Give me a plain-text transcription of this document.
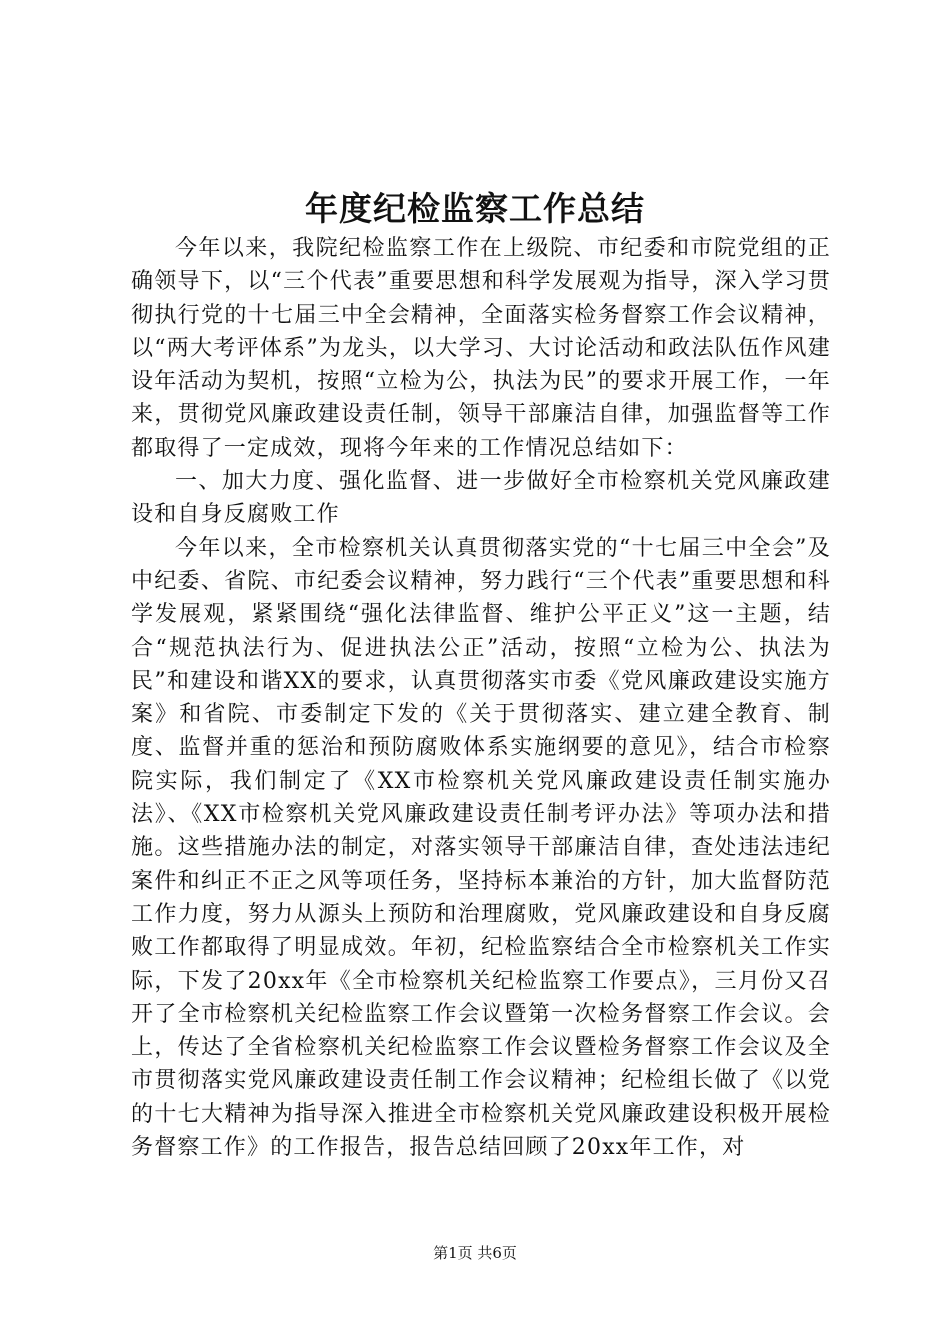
年度纪检监察工作总结

今年以来，我院纪检监察工作在上级院、市纪委和市院党组的正确领导下，以“三个代表”重要思想和科学发展观为指导，深入学习贯彻执行党的十七届三中全会精神，全面落实检务督察工作会议精神，以“两大考评体系”为龙头，以大学习、大讨论活动和政法队伍作风建设年活动为契机，按照“立检为公，执法为民”的要求开展工作，一年来，贯彻党风廉政建设责任制，领导干部廉洁自律，加强监督等工作都取得了一定成效，现将今年来的工作情况总结如下：

一、加大力度、强化监督、进一步做好全市检察机关党风廉政建设和自身反腐败工作

今年以来，全市检察机关认真贯彻落实党的“十七届三中全会”及中纪委、省院、市纪委会议精神，努力践行“三个代表”重要思想和科学发展观，紧紧围绕“强化法律监督、维护公平正义”这一主题，结合“规范执法行为、促进执法公正”活动，按照“立检为公、执法为民”和建设和谐XX的要求，认真贯彻落实市委《党风廉政建设实施方案》和省院、市委制定下发的《关于贯彻落实、建立建全教育、制度、监督并重的惩治和预防腐败体系实施纲要的意见》，结合市检察院实际，我们制定了《XX市检察机关党风廉政建设责任制实施办法》、《XX市检察机关党风廉政建设责任制考评办法》等项办法和措施。这些措施办法的制定，对落实领导干部廉洁自律，查处违法违纪案件和纠正不正之风等项任务，坚持标本兼治的方针，加大监督防范工作力度，努力从源头上预防和治理腐败，党风廉政建设和自身反腐败工作都取得了明显成效。年初，纪检监察结合全市检察机关工作实际，下发了20xx年《全市检察机关纪检监察工作要点》，三月份又召开了全市检察机关纪检监察工作会议暨第一次检务督察工作会议。会上，传达了全省检察机关纪检监察工作会议暨检务督察工作会议及全市贯彻落实党风廉政建设责任制工作会议精神；纪检组长做了《以党的十七大精神为指导深入推进全市检察机关党风廉政建设积极开展检务督察工作》的工作报告，报告总结回顾了20xx年工作，对

第1页 共6页
